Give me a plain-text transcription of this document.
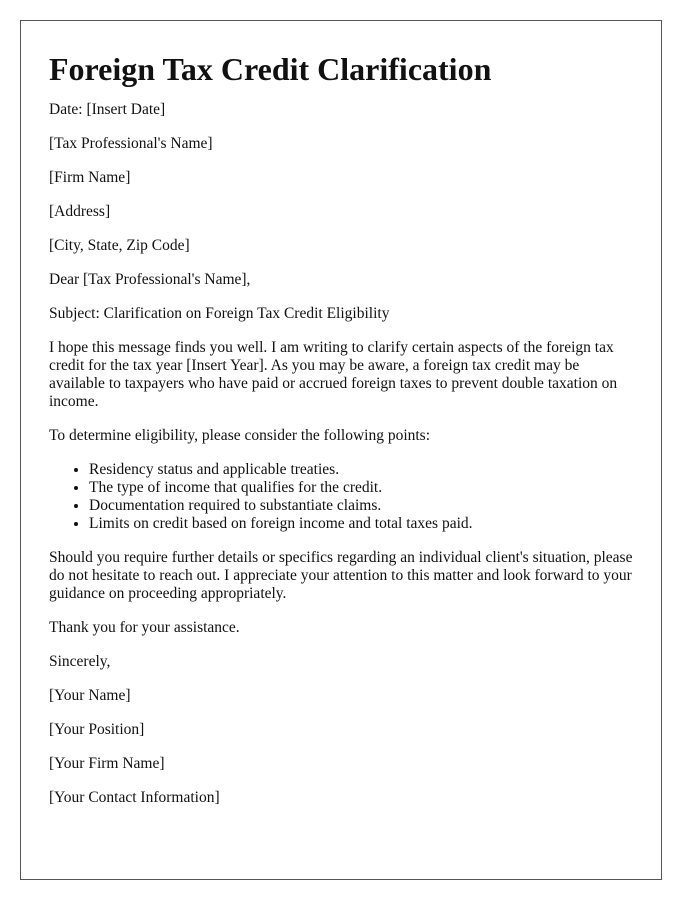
Foreign Tax Credit Clarification

Date: [Insert Date]

[Tax Professional's Name]

[Firm Name]

[Address]

[City, State, Zip Code]

Dear [Tax Professional's Name],

Subject: Clarification on Foreign Tax Credit Eligibility

I hope this message finds you well. I am writing to clarify certain aspects of the foreign tax credit for the tax year [Insert Year]. As you may be aware, a foreign tax credit may be available to taxpayers who have paid or accrued foreign taxes to prevent double taxation on income.

To determine eligibility, please consider the following points:

• Residency status and applicable treaties.
• The type of income that qualifies for the credit.
• Documentation required to substantiate claims.
• Limits on credit based on foreign income and total taxes paid.

Should you require further details or specifics regarding an individual client's situation, please do not hesitate to reach out. I appreciate your attention to this matter and look forward to your guidance on proceeding appropriately.

Thank you for your assistance.

Sincerely,

[Your Name]

[Your Position]

[Your Firm Name]

[Your Contact Information]
